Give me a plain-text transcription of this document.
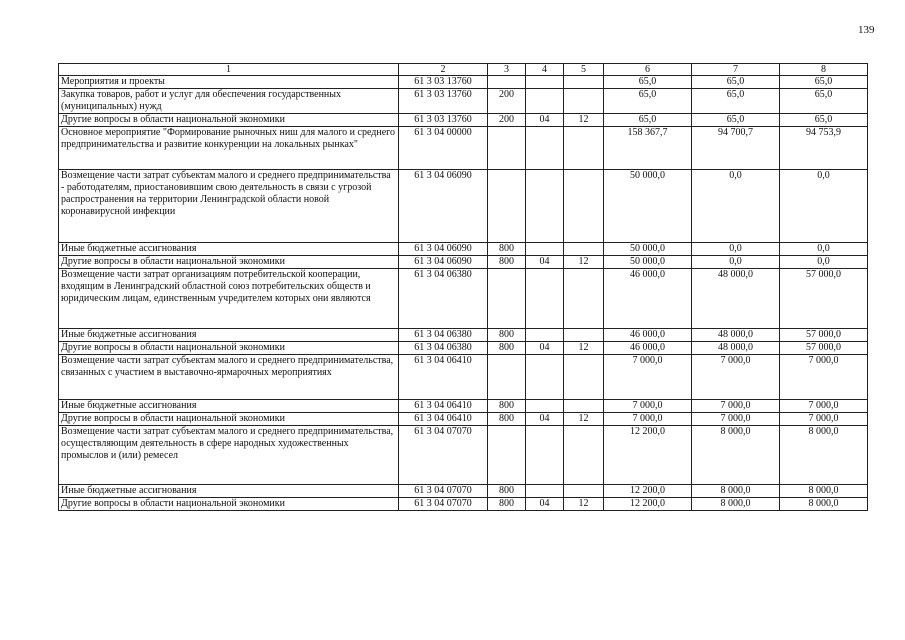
139
1	2	3	4	5	6	7	8
Мероприятия и проекты	61 3 03 13760				65,0	65,0	65,0
Закупка товаров, работ и услуг для обеспечения государственных (муниципальных) нужд	61 3 03 13760	200			65,0	65,0	65,0
Другие вопросы в области национальной экономики	61 3 03 13760	200	04	12	65,0	65,0	65,0
Основное мероприятие "Формирование рыночных ниш для малого и среднего предпринимательства и развитие конкуренции на локальных рынках"	61 3 04 00000				158 367,7	94 700,7	94 753,9
Возмещение части затрат субъектам малого и среднего предпринимательства - работодателям, приостановившим свою деятельность в связи с угрозой распространения на территории Ленинградской области новой коронавирусной инфекции	61 3 04 06090				50 000,0	0,0	0,0
Иные бюджетные ассигнования	61 3 04 06090	800			50 000,0	0,0	0,0
Другие вопросы в области национальной экономики	61 3 04 06090	800	04	12	50 000,0	0,0	0,0
Возмещение части затрат организациям потребительской кооперации, входящим в Ленинградский областной союз потребительских обществ и юридическим лицам, единственным учредителем которых они являются	61 3 04 06380				46 000,0	48 000,0	57 000,0
Иные бюджетные ассигнования	61 3 04 06380	800			46 000,0	48 000,0	57 000,0
Другие вопросы в области национальной экономики	61 3 04 06380	800	04	12	46 000,0	48 000,0	57 000,0
Возмещение части затрат субъектам малого и среднего предпринимательства, связанных с участием в выставочно-ярмарочных мероприятиях	61 3 04 06410				7 000,0	7 000,0	7 000,0
Иные бюджетные ассигнования	61 3 04 06410	800			7 000,0	7 000,0	7 000,0
Другие вопросы в области национальной экономики	61 3 04 06410	800	04	12	7 000,0	7 000,0	7 000,0
Возмещение части затрат субъектам малого и среднего предпринимательства, осуществляющим деятельность в сфере народных художественных промыслов и (или) ремесел	61 3 04 07070				12 200,0	8 000,0	8 000,0
Иные бюджетные ассигнования	61 3 04 07070	800			12 200,0	8 000,0	8 000,0
Другие вопросы в области национальной экономики	61 3 04 07070	800	04	12	12 200,0	8 000,0	8 000,0
